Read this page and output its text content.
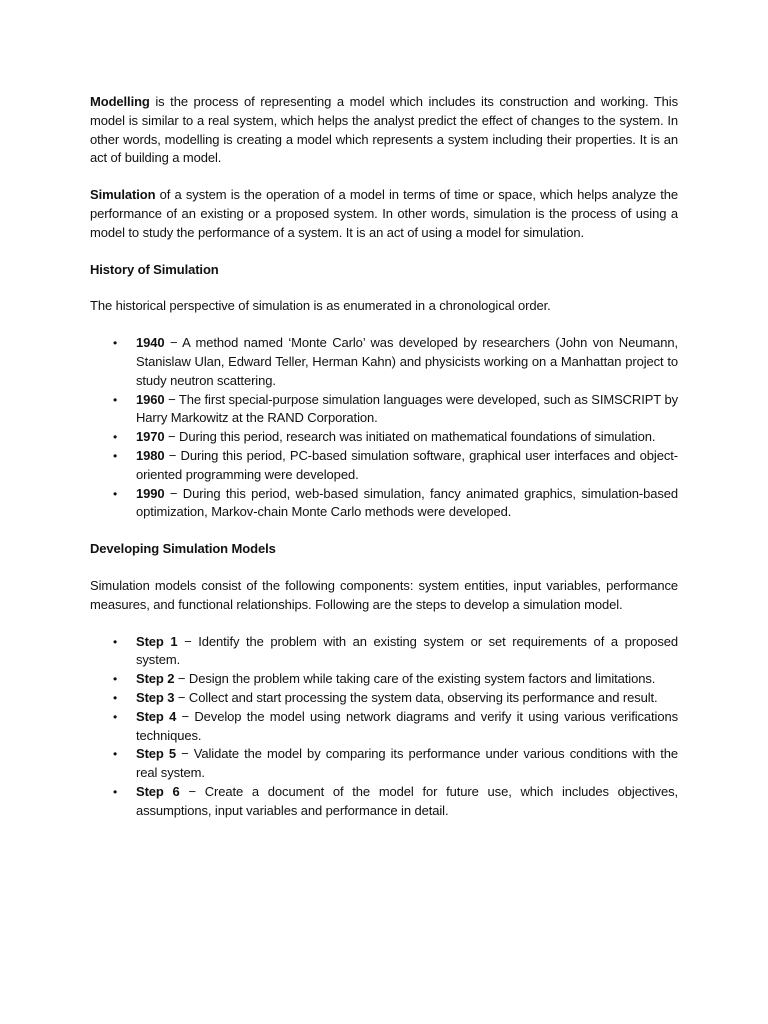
Modelling is the process of representing a model which includes its construction and working. This model is similar to a real system, which helps the analyst predict the effect of changes to the system. In other words, modelling is creating a model which represents a system including their properties. It is an act of building a model.

Simulation of a system is the operation of a model in terms of time or space, which helps analyze the performance of an existing or a proposed system. In other words, simulation is the process of using a model to study the performance of a system. It is an act of using a model for simulation.

History of Simulation

The historical perspective of simulation is as enumerated in a chronological order.

• 1940 − A method named ‘Monte Carlo’ was developed by researchers (John von Neumann, Stanislaw Ulan, Edward Teller, Herman Kahn) and physicists working on a Manhattan project to study neutron scattering.
• 1960 − The first special-purpose simulation languages were developed, such as SIMSCRIPT by Harry Markowitz at the RAND Corporation.
• 1970 − During this period, research was initiated on mathematical foundations of simulation.
• 1980 − During this period, PC-based simulation software, graphical user interfaces and object-oriented programming were developed.
• 1990 − During this period, web-based simulation, fancy animated graphics, simulation-based optimization, Markov-chain Monte Carlo methods were developed.
Developing Simulation Models

Simulation models consist of the following components: system entities, input variables, performance measures, and functional relationships. Following are the steps to develop a simulation model.

• Step 1 − Identify the problem with an existing system or set requirements of a proposed system.
• Step 2 − Design the problem while taking care of the existing system factors and limitations.
• Step 3 − Collect and start processing the system data, observing its performance and result.
• Step 4 − Develop the model using network diagrams and verify it using various verifications techniques.
• Step 5 − Validate the model by comparing its performance under various conditions with the real system.
• Step 6 − Create a document of the model for future use, which includes objectives, assumptions, input variables and performance in detail.
